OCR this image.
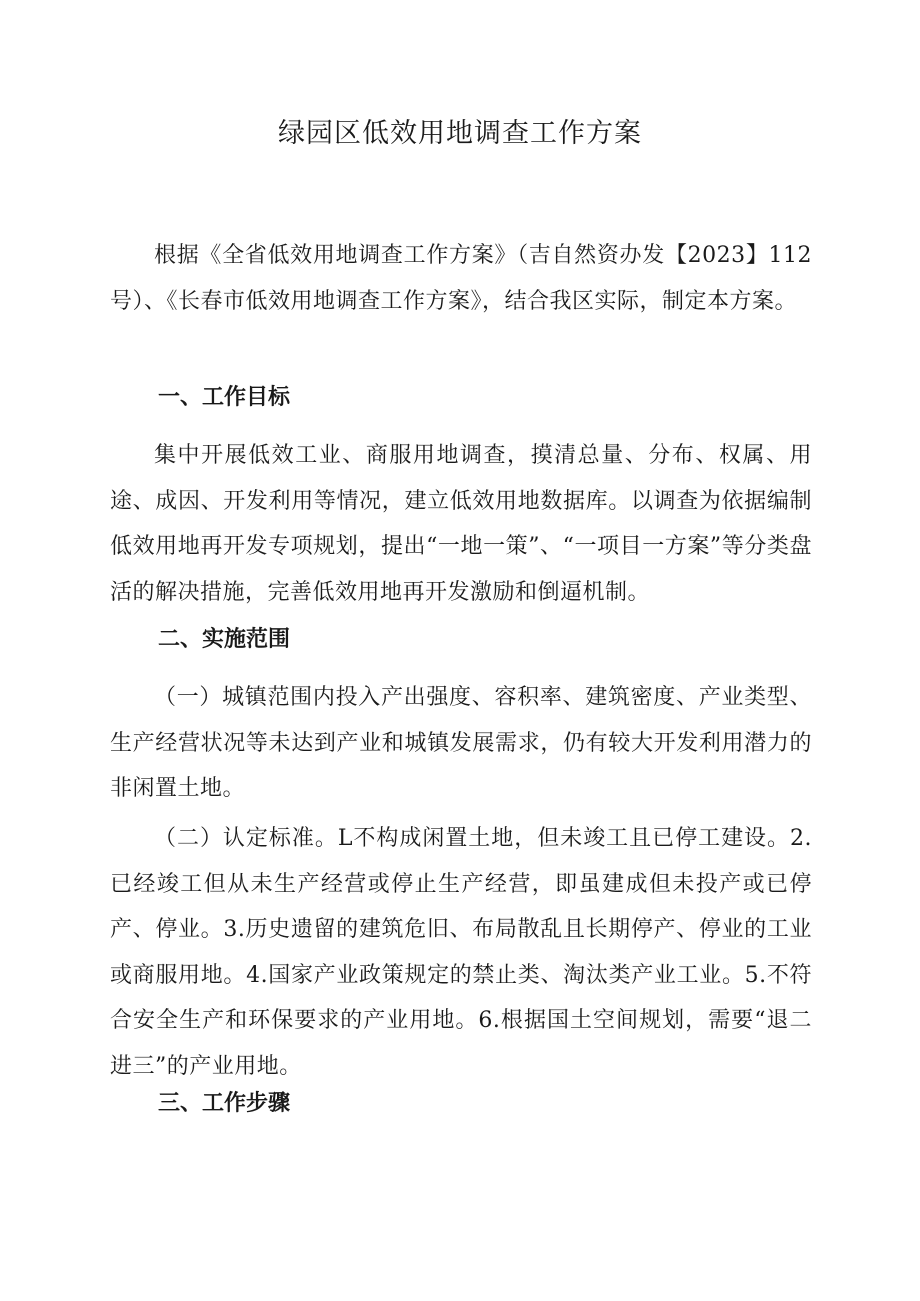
绿园区低效用地调查工作方案

根据《全省低效用地调查工作方案》（吉自然资办发【2023】112号）、《长春市低效用地调查工作方案》，结合我区实际，制定本方案。

一、工作目标

集中开展低效工业、商服用地调查，摸清总量、分布、权属、用途、成因、开发利用等情况，建立低效用地数据库。以调查为依据编制低效用地再开发专项规划，提出“一地一策”、“一项目一方案”等分类盘活的解决措施，完善低效用地再开发激励和倒逼机制。

二、实施范围

（一）城镇范围内投入产出强度、容积率、建筑密度、产业类型、生产经营状况等未达到产业和城镇发展需求，仍有较大开发利用潜力的非闲置土地。

（二）认定标准。L不构成闲置土地，但未竣工且已停工建设。2.已经竣工但从未生产经营或停止生产经营，即虽建成但未投产或已停产、停业。3.历史遗留的建筑危旧、布局散乱且长期停产、停业的工业或商服用地。4.国家产业政策规定的禁止类、淘汰类产业工业。5.不符合安全生产和环保要求的产业用地。6.根据国土空间规划，需要“退二进三”的产业用地。

三、工作步骤
